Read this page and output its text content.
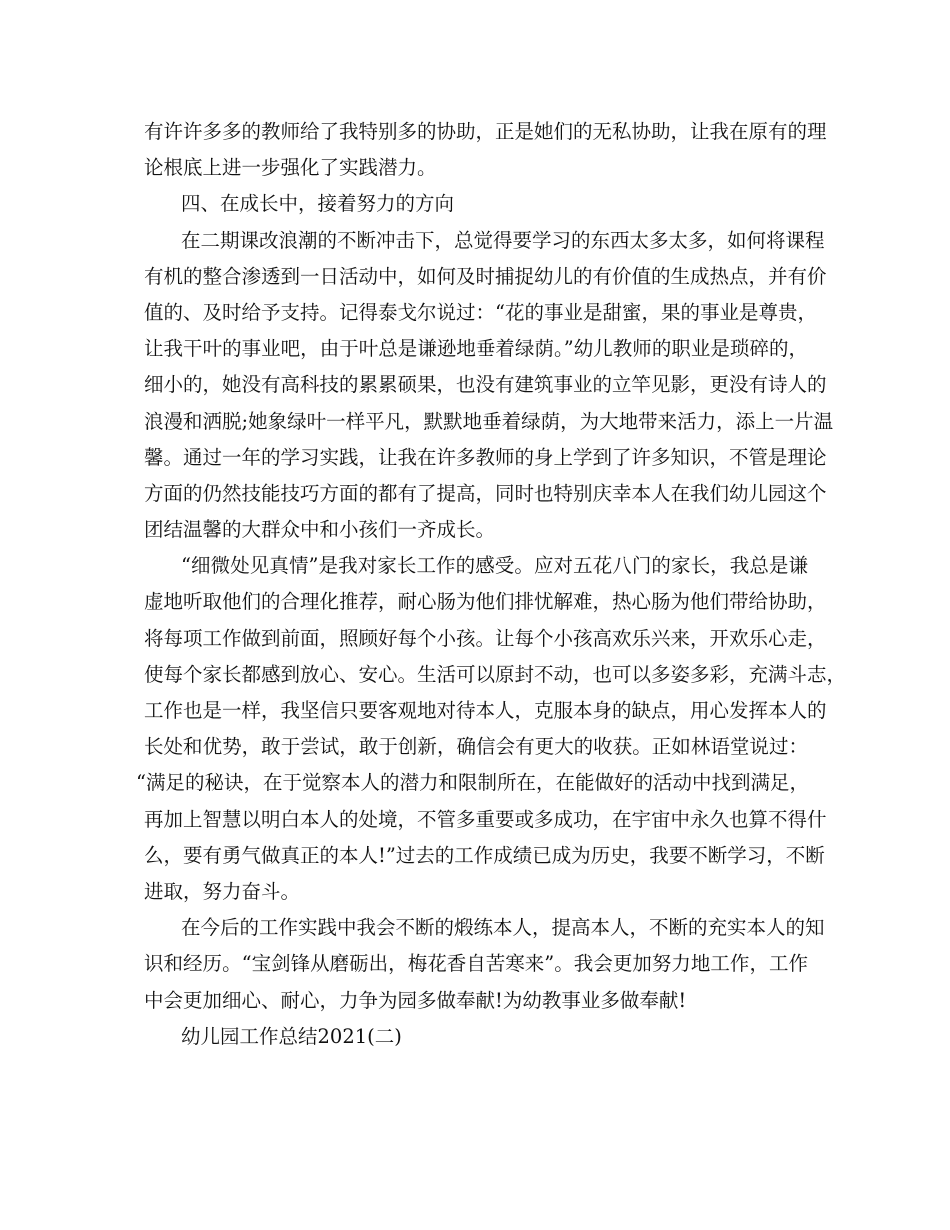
有许许多多的教师给了我特别多的协助，正是她们的无私协助，让我在原有的理
论根底上进一步强化了实践潜力。
四、在成长中，接着努力的方向
在二期课改浪潮的不断冲击下，总觉得要学习的东西太多太多，如何将课程
有机的整合渗透到一日活动中，如何及时捕捉幼儿的有价值的生成热点，并有价
值的、及时给予支持。记得泰戈尔说过：“花的事业是甜蜜，果的事业是尊贵，
让我干叶的事业吧，由于叶总是谦逊地垂着绿荫。”幼儿教师的职业是琐碎的，
细小的，她没有高科技的累累硕果，也没有建筑事业的立竿见影，更没有诗人的
浪漫和洒脱;她象绿叶一样平凡，默默地垂着绿荫，为大地带来活力，添上一片温
馨。通过一年的学习实践，让我在许多教师的身上学到了许多知识，不管是理论
方面的仍然技能技巧方面的都有了提高，同时也特别庆幸本人在我们幼儿园这个
团结温馨的大群众中和小孩们一齐成长。
“细微处见真情”是我对家长工作的感受。应对五花八门的家长，我总是谦
虚地听取他们的合理化推荐，耐心肠为他们排忧解难，热心肠为他们带给协助，
将每项工作做到前面，照顾好每个小孩。让每个小孩高欢乐兴来，开欢乐心走，
使每个家长都感到放心、安心。生活可以原封不动，也可以多姿多彩，充满斗志，
工作也是一样，我坚信只要客观地对待本人，克服本身的缺点，用心发挥本人的
长处和优势，敢于尝试，敢于创新，确信会有更大的收获。正如林语堂说过：
“满足的秘诀，在于觉察本人的潜力和限制所在，在能做好的活动中找到满足，
再加上智慧以明白本人的处境，不管多重要或多成功，在宇宙中永久也算不得什
么，要有勇气做真正的本人!”过去的工作成绩已成为历史，我要不断学习，不断
进取，努力奋斗。
在今后的工作实践中我会不断的煅练本人，提高本人，不断的充实本人的知
识和经历。“宝剑锋从磨砺出，梅花香自苦寒来”。我会更加努力地工作，工作
中会更加细心、耐心，力争为园多做奉献!为幼教事业多做奉献!
幼儿园工作总结2021(二)
